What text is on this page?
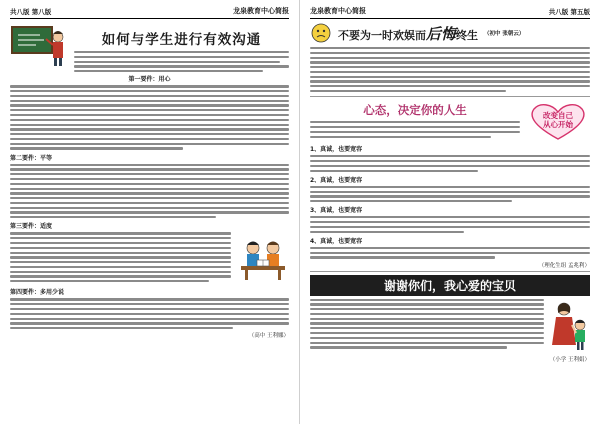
共八版 第八版	龙泉教育中心简报
如何与学生进行有效沟通
第一要件：用心
第二要件：平等
第三要件：适度
第四要件：多用少说
（高中 王利娜）
龙泉教育中心简报	共八版 第五版
不要为一时欢娱而后悔终生 （初中 张朝云）
心态，决定你的人生	改变自己
从心开始
1、真诚，也要宽容
2、真诚，也要宽容
3、真诚，也要宽容
4、真诚，也要宽容
（理化生组 孟兆利）
谢谢你们，我心爱的宝贝
（小学 王利娟）
